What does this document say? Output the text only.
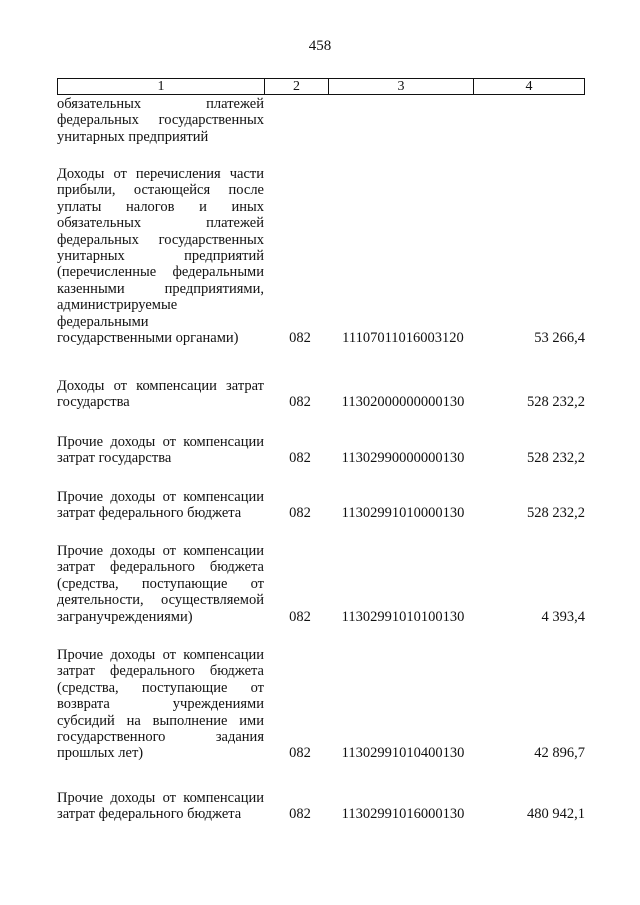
458
1	2	3	4
обязательных платежей
федеральных государственных
унитарных предприятий
Доходы от перечисления части
прибыли, остающейся после
уплаты налогов и иных
обязательных платежей
федеральных государственных
унитарных предприятий
(перечисленные федеральными
казенными предприятиями,
администрируемые
федеральными
государственными органами)	082	11107011016003120	53 266,4
Доходы от компенсации затрат
государства	082	11302000000000130	528 232,2
Прочие доходы от компенсации
затрат государства	082	11302990000000130	528 232,2
Прочие доходы от компенсации
затрат федерального бюджета	082	11302991010000130	528 232,2
Прочие доходы от компенсации
затрат федерального бюджета
(средства, поступающие от
деятельности, осуществляемой
загранучреждениями)	082	11302991010100130	4 393,4
Прочие доходы от компенсации
затрат федерального бюджета
(средства, поступающие от
возврата учреждениями
субсидий на выполнение ими
государственного задания
прошлых лет)	082	11302991010400130	42 896,7
Прочие доходы от компенсации
затрат федерального бюджета	082	11302991016000130	480 942,1
